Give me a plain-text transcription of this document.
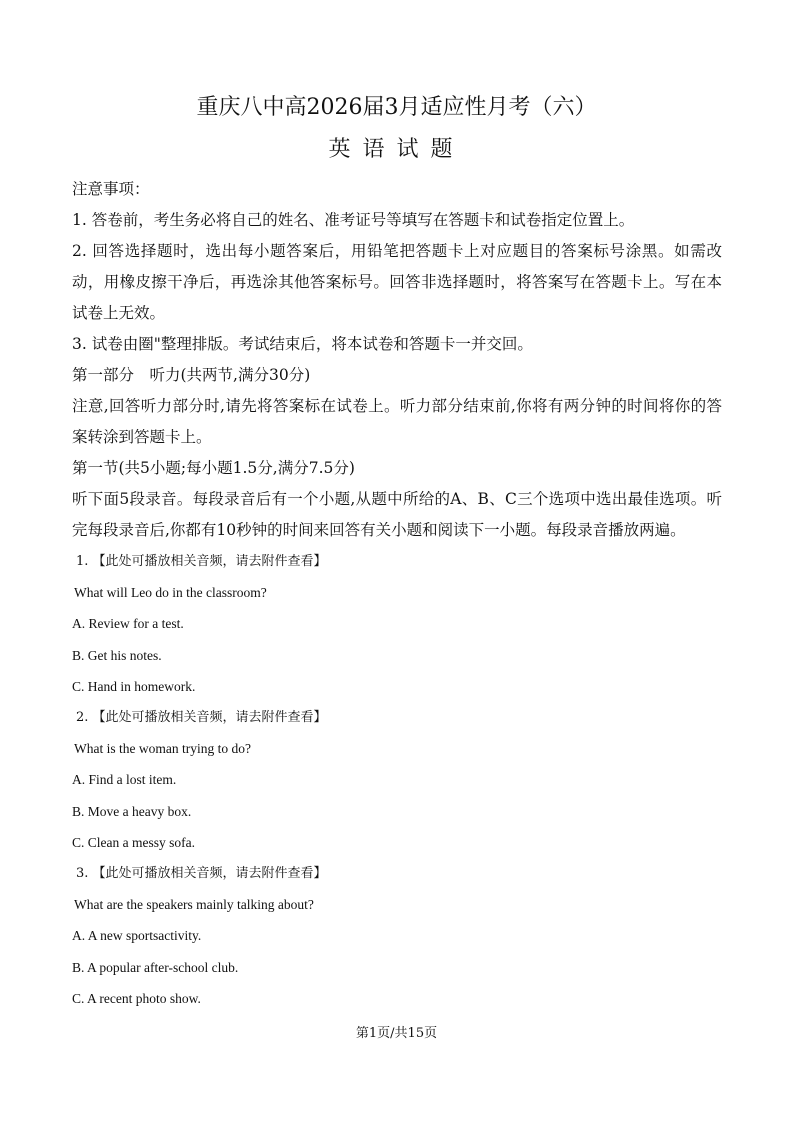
重庆八中高2026届3月适应性月考（六）
英语试题

注意事项：

1. 答卷前，考生务必将自己的姓名、准考证号等填写在答题卡和试卷指定位置上。

2. 回答选择题时，选出每小题答案后，用铅笔把答题卡上对应题目的答案标号涂黑。如需改动，用橡皮擦干净后，再选涂其他答案标号。回答非选择题时，将答案写在答题卡上。写在本试卷上无效。

3. 试卷由圈"整理排版。考试结束后，将本试卷和答题卡一并交回。

第一部分　听力(共两节,满分30分)

注意,回答听力部分时,请先将答案标在试卷上。听力部分结束前,你将有两分钟的时间将你的答案转涂到答题卡上。

第一节(共5小题;每小题1.5分,满分7.5分)

听下面5段录音。每段录音后有一个小题,从题中所给的A、B、C三个选项中选出最佳选项。听完每段录音后,你都有10秒钟的时间来回答有关小题和阅读下一小题。每段录音播放两遍。

1. 【此处可播放相关音频，请去附件查看】

What will Leo do in the classroom?

A. Review for a test.

B. Get his notes.

C. Hand in homework.

2. 【此处可播放相关音频，请去附件查看】

What is the woman trying to do?

A. Find a lost item.

B. Move a heavy box.

C. Clean a messy sofa.

3. 【此处可播放相关音频，请去附件查看】

What are the speakers mainly talking about?

A. A new sportsactivity.

B. A popular after-school club.

C. A recent photo show.

第1页/共15页
